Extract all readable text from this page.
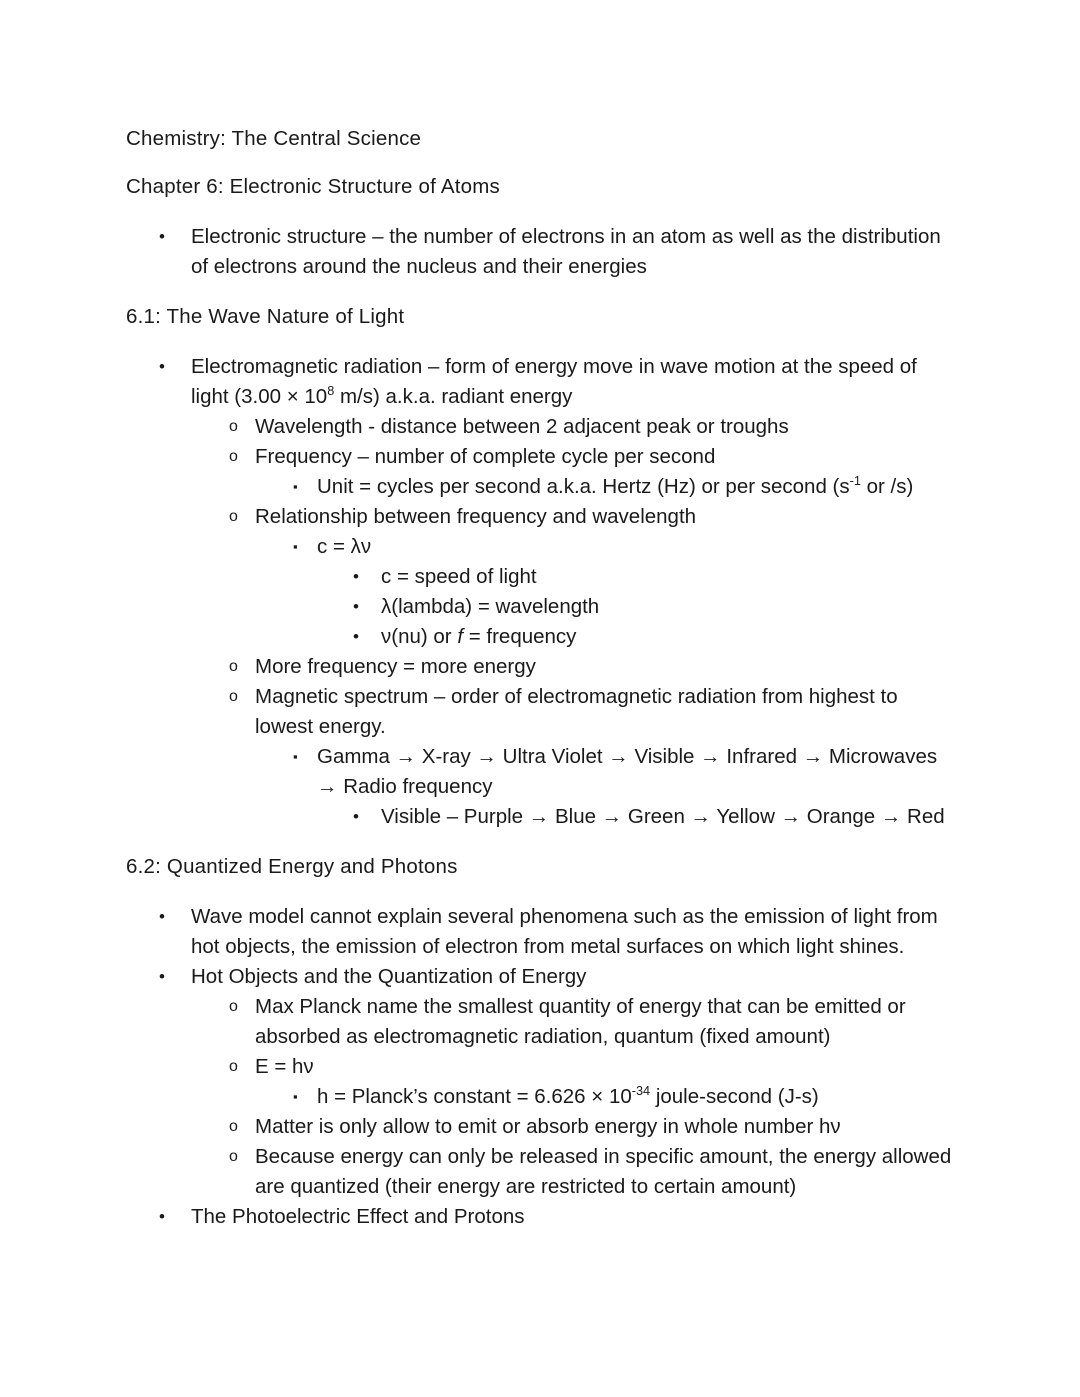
Chemistry: The Central Science

Chapter 6: Electronic Structure of Atoms

• Electronic structure – the number of electrons in an atom as well as the distribution of electrons around the nucleus and their energies

6.1: The Wave Nature of Light

• Electromagnetic radiation – form of energy move in wave motion at the speed of light ($3.00 \times 10^8$ m/s) a.k.a. radiant energy
o Wavelength - distance between 2 adjacent peak or troughs
o Frequency – number of complete cycle per second
▪ Unit = cycles per second a.k.a. Hertz (Hz) or per second ($s^{-1}$ or /s)
o Relationship between frequency and wavelength
▪ c = λν
• c = speed of light
• λ(lambda) = wavelength
• ν(nu) or f = frequency
o More frequency = more energy
o Magnetic spectrum – order of electromagnetic radiation from highest to lowest energy.
▪ Gamma → X-ray → Ultra Violet → Visible → Infrared → Microwaves → Radio frequency
• Visible – Purple → Blue → Green → Yellow → Orange → Red

6.2: Quantized Energy and Photons

• Wave model cannot explain several phenomena such as the emission of light from hot objects, the emission of electron from metal surfaces on which light shines.
• Hot Objects and the Quantization of Energy
o Max Planck name the smallest quantity of energy that can be emitted or absorbed as electromagnetic radiation, quantum (fixed amount)
o E = hν
▪ h = Planck’s constant = $6.626 \times 10^{-34}$ joule-second (J-s)
o Matter is only allow to emit or absorb energy in whole number hν
o Because energy can only be released in specific amount, the energy allowed are quantized (their energy are restricted to certain amount)
• The Photoelectric Effect and Protons
